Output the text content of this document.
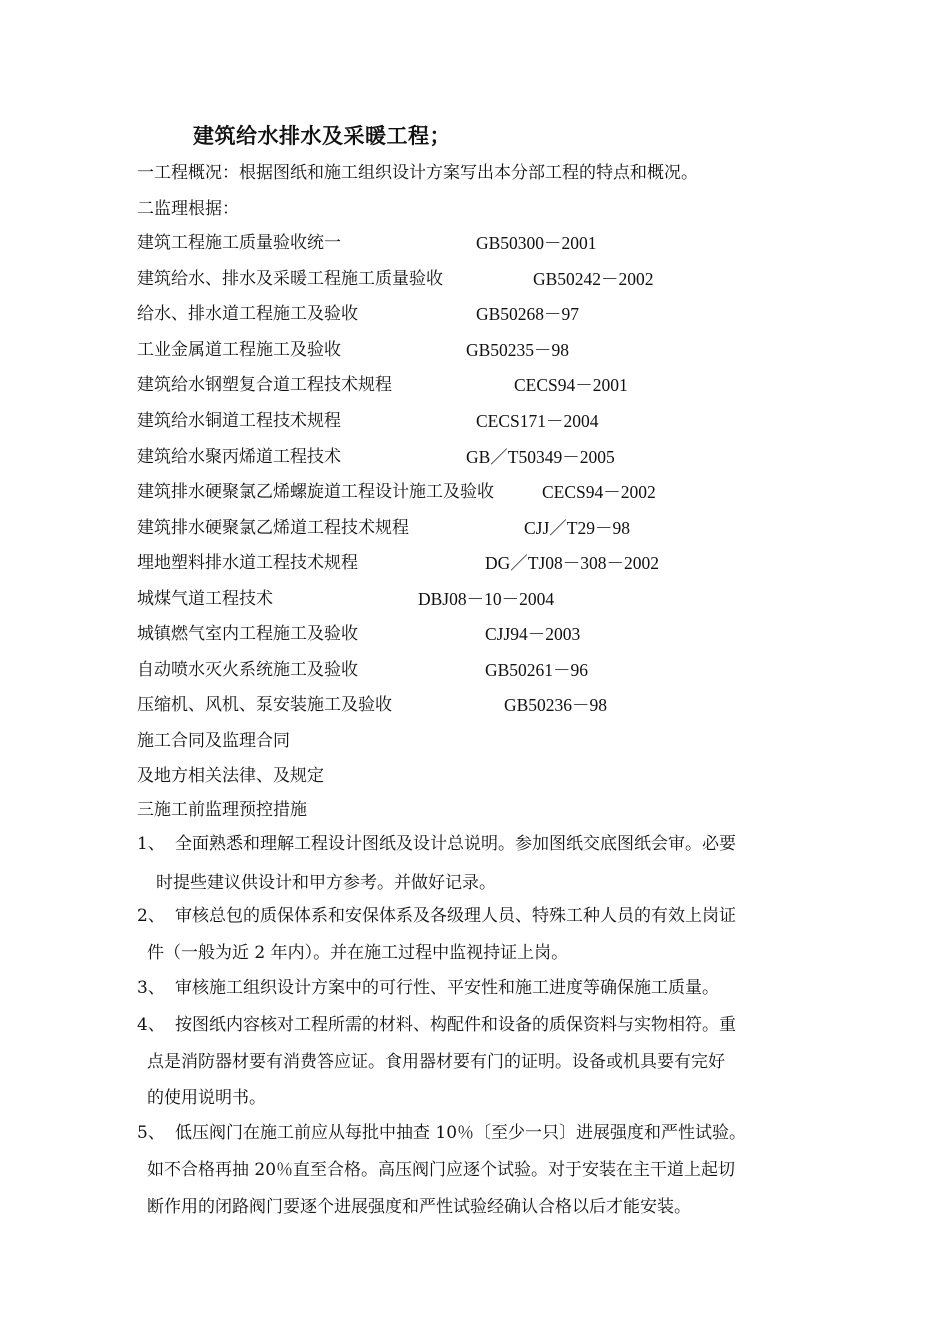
建筑给水排水及采暖工程；
一工程概况：根据图纸和施工组织设计方案写出本分部工程的特点和概况。
二监理根据：
建筑工程施工质量验收统一	GB50300－2001
建筑给水、排水及采暖工程施工质量验收	GB50242－2002
给水、排水道工程施工及验收	GB50268－97
工业金属道工程施工及验收	GB50235－98
建筑给水钢塑复合道工程技术规程	CECS94－2001
建筑给水铜道工程技术规程	CECS171－2004
建筑给水聚丙烯道工程技术	GB／T50349－2005
建筑排水硬聚氯乙烯螺旋道工程设计施工及验收	CECS94－2002
建筑排水硬聚氯乙烯道工程技术规程	CJJ／T29－98
埋地塑料排水道工程技术规程	DG／TJ08－308－2002
城煤气道工程技术	DBJ08－10－2004
城镇燃气室内工程施工及验收	CJJ94－2003
自动喷水灭火系统施工及验收	GB50261－96
压缩机、风机、泵安装施工及验收	GB50236－98
施工合同及监理合同
及地方相关法律、及规定
三施工前监理预控措施
1、 全面熟悉和理解工程设计图纸及设计总说明。参加图纸交底图纸会审。必要
时提些建议供设计和甲方参考。并做好记录。
2、 审核总包的质保体系和安保体系及各级理人员、特殊工种人员的有效上岗证
件（一般为近 2 年内）。并在施工过程中监视持证上岗。
3、 审核施工组织设计方案中的可行性、平安性和施工进度等确保施工质量。
4、 按图纸内容核对工程所需的材料、构配件和设备的质保资料与实物相符。重
点是消防器材要有消费答应证。食用器材要有门的证明。设备或机具要有完好
的使用说明书。
5、 低压阀门在施工前应从每批中抽查 10％〔至少一只〕进展强度和严性试验。
如不合格再抽 20％直至合格。高压阀门应逐个试验。对于安装在主干道上起切
断作用的闭路阀门要逐个进展强度和严性试验经确认合格以后才能安装。
